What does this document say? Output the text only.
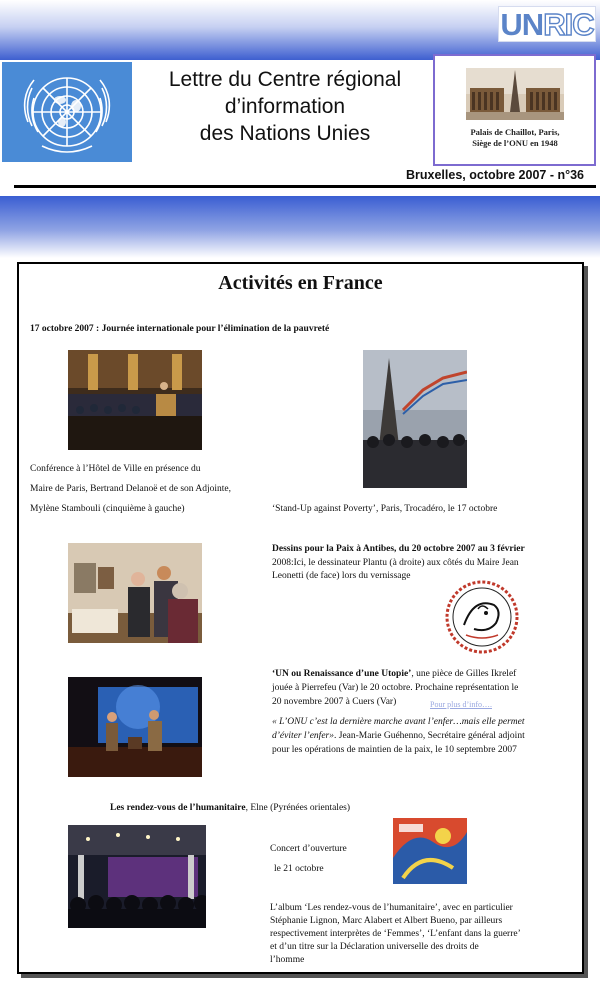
UNRIC
Lettre du Centre régional
d’information
des Nations Unies	Palais de Chaillot, Paris,
Siège de l’ONU en 1948
Bruxelles, octobre 2007 - n°36
Activités en France
17 octobre 2007 : Journée internationale pour l’élimination de la pauvreté
Conférence à l’Hôtel de Ville en présence du
Maire de Paris, Bertrand Delanoë et de son Adjointe,
Mylène Stambouli (cinquième à gauche)	‘Stand-Up against Poverty’, Paris, Trocadéro, le 17 octobre
Dessins pour la Paix à Antibes, du 20 octobre 2007 au 3 février
2008:Ici, le dessinateur Plantu (à droite) aux côtés du Maire Jean
Leonetti (de face) lors du vernissage
‘UN ou Renaissance d’une Utopie’, une pièce de Gilles Ikrelef
jouée à Pierrefeu (Var) le 20 octobre. Prochaine représentation le
20 novembre 2007 à Cuers (Var)	Pour plus d’info….
« L’ONU c’est la dernière marche avant l’enfer…mais elle permet
d’éviter l’enfer». Jean-Marie Guéhenno, Secrétaire général adjoint
pour les opérations de maintien de la paix, le 10 septembre 2007
Les rendez-vous de l’humanitaire, Elne (Pyrénées orientales)
Concert d’ouverture
le 21 octobre
L’album ‘Les rendez-vous de l’humanitaire’, avec en particulier
Stéphanie Lignon, Marc Alabert et Albert Bueno, par ailleurs
respectivement interprètes de ‘Femmes’, ‘L’enfant dans la guerre’
et d’un titre sur la Déclaration universelle des droits de
l’homme
